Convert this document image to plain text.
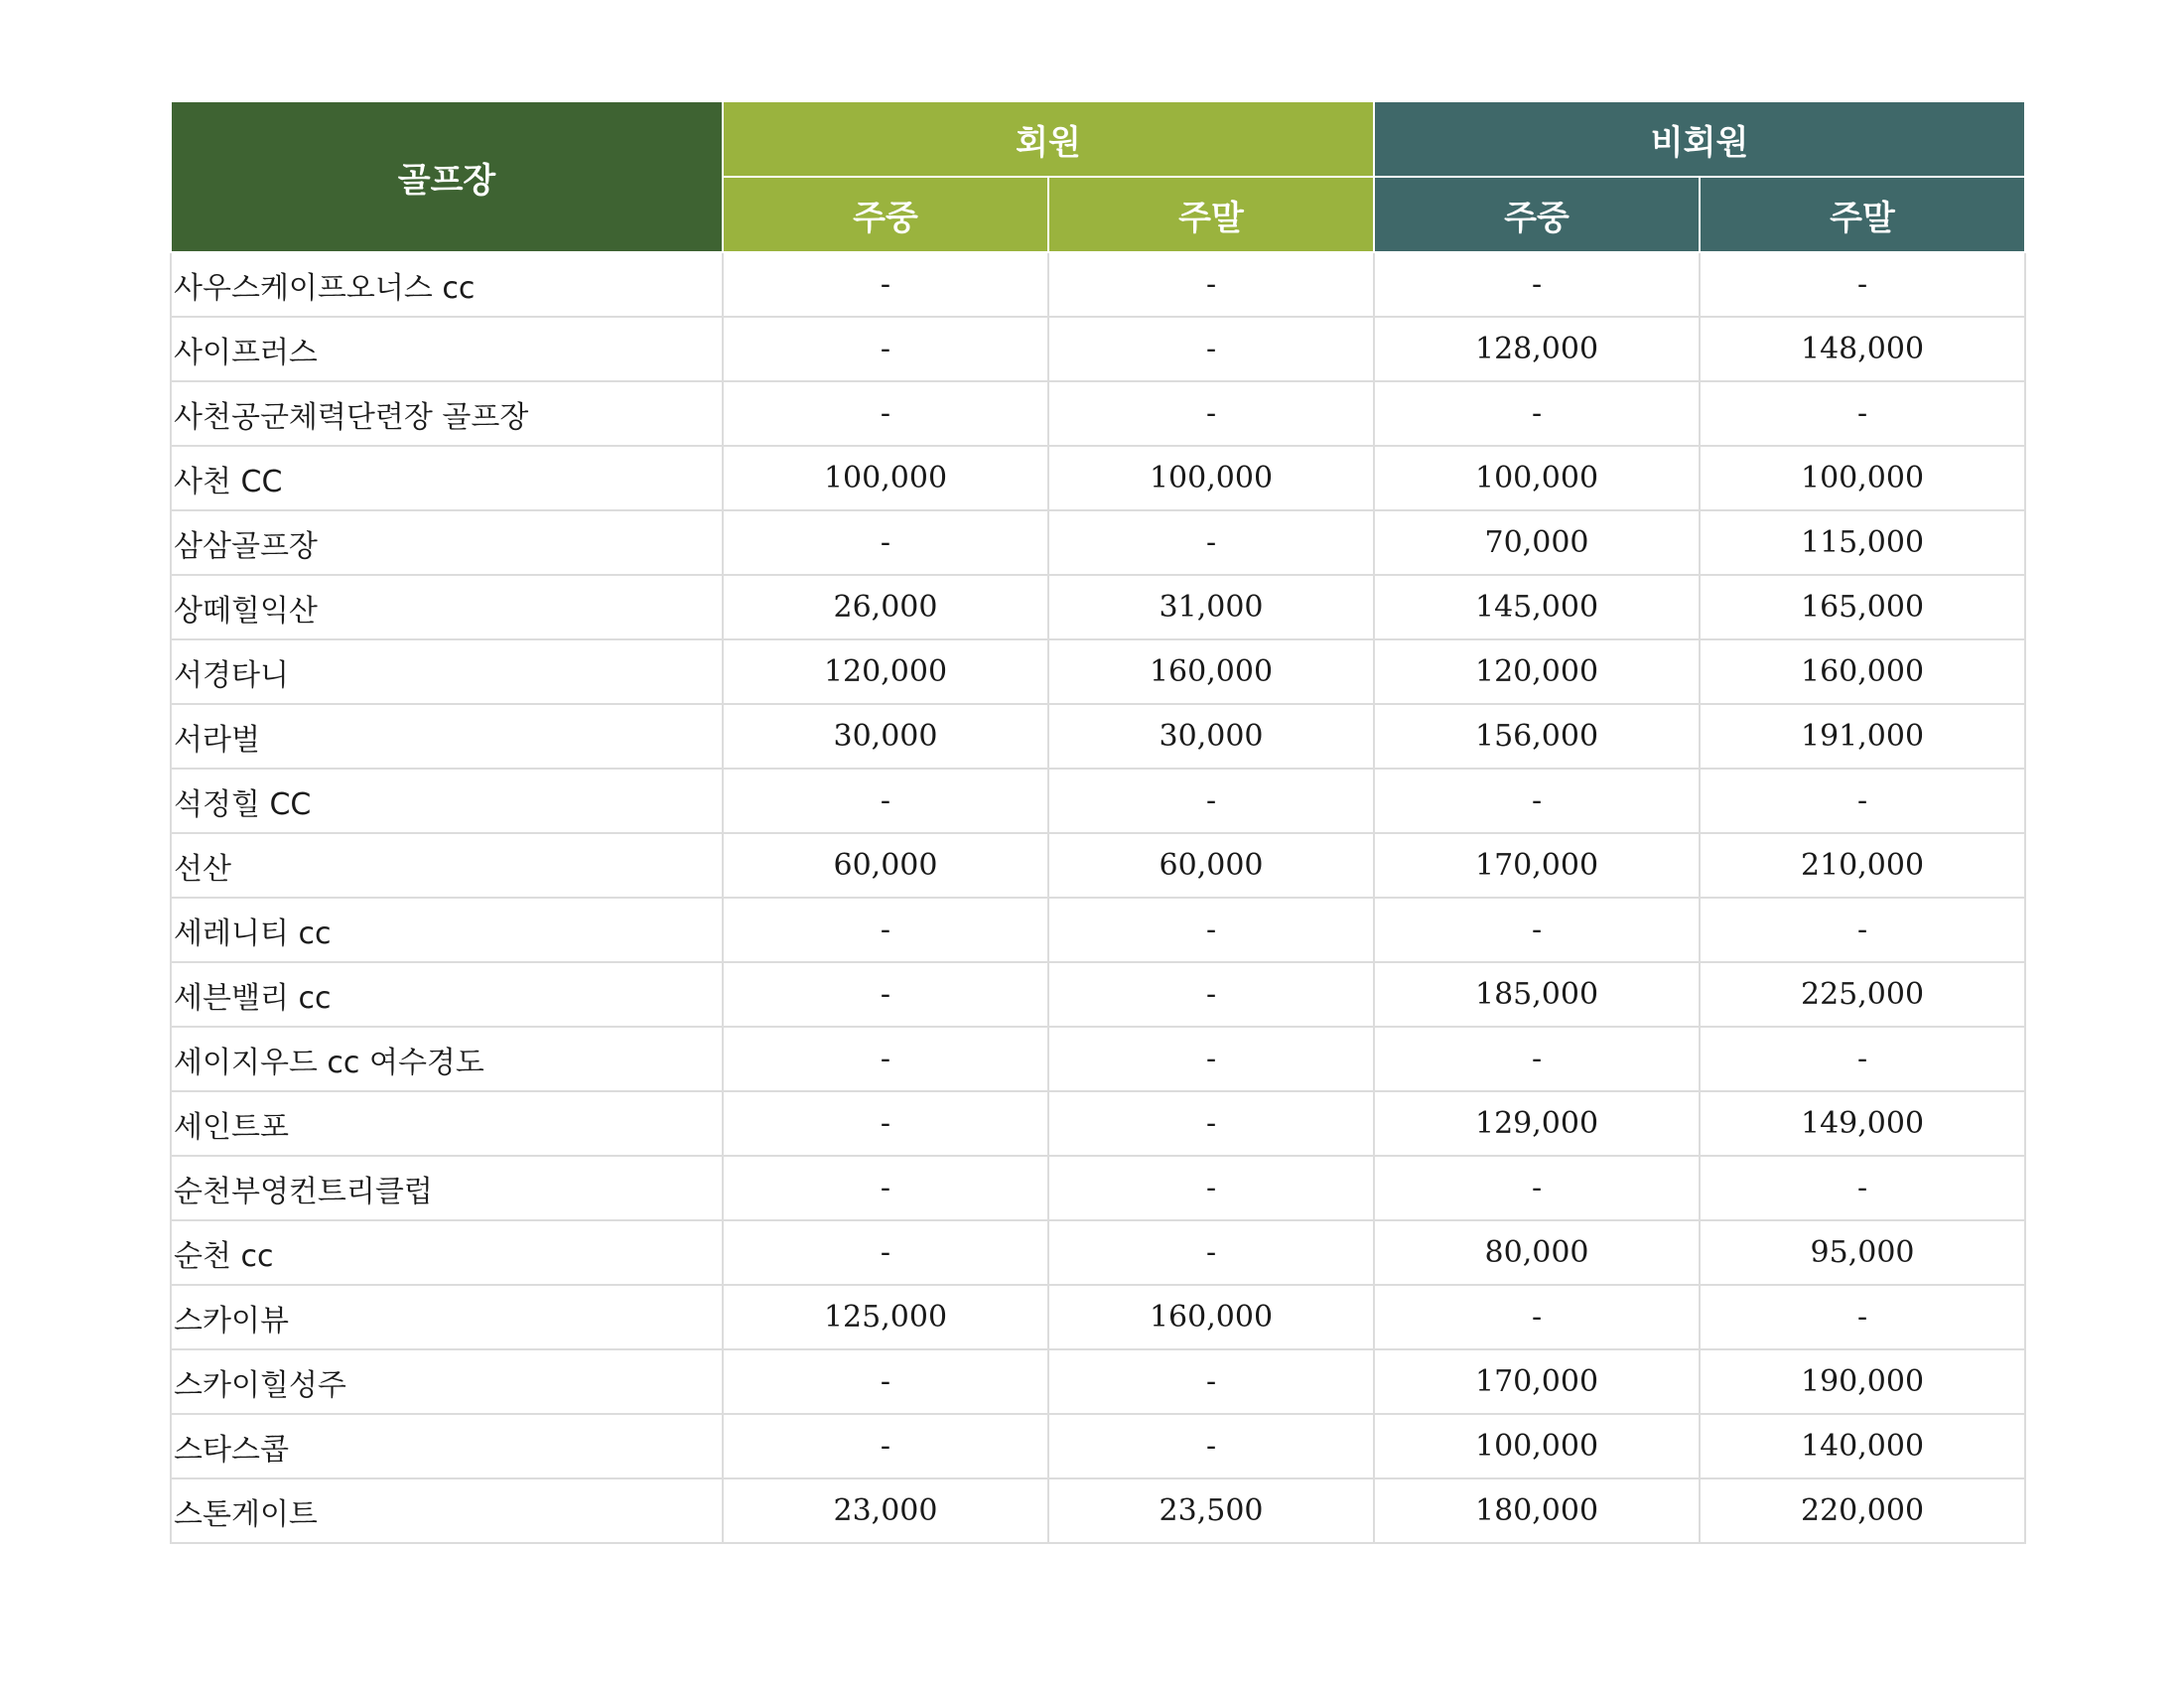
골프장	회원		비회원	
	주중	주말	주중	주말
사우스케이프오너스 cc	-	-	-	-
사이프러스	-	-	128,000	148,000
사천공군체력단련장 골프장	-	-	-	-
사천 CC	100,000	100,000	100,000	100,000
삼삼골프장	-	-	70,000	115,000
상떼힐익산	26,000	31,000	145,000	165,000
서경타니	120,000	160,000	120,000	160,000
서라벌	30,000	30,000	156,000	191,000
석정힐 CC	-	-	-	-
선산	60,000	60,000	170,000	210,000
세레니티 cc	-	-	-	-
세븐밸리 cc	-	-	185,000	225,000
세이지우드 cc 여수경도	-	-	-	-
세인트포	-	-	129,000	149,000
순천부영컨트리클럽	-	-	-	-
순천 cc	-	-	80,000	95,000
스카이뷰	125,000	160,000	-	-
스카이힐성주	-	-	170,000	190,000
스타스콥	-	-	100,000	140,000
스톤게이트	23,000	23,500	180,000	220,000
